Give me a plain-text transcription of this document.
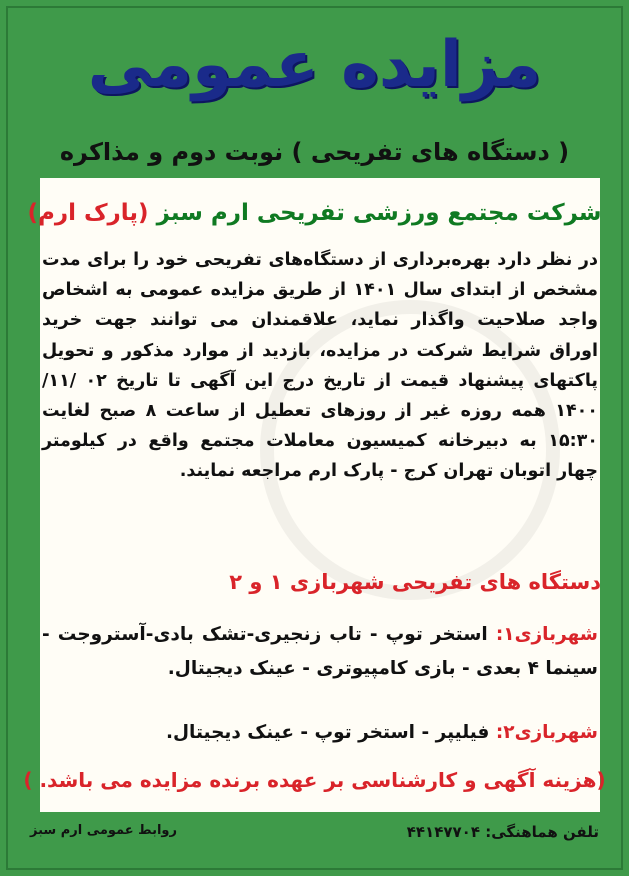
مزایده عمومی
( دستگاه های تفریحی ) نوبت دوم و مذاکره
شرکت مجتمع ورزشی تفریحی ارم سبز (پارک ارم)
در نظر دارد بهره‌برداری از دستگاه‌های تفریحی خود را برای مدت مشخص از ابتدای سال ۱۴۰۱ از طریق مزایده عمومی به اشخاص واجد صلاحیت واگذار نماید، علاقمندان می توانند جهت خرید اوراق شرایط شرکت در مزایده، بازدید از موارد مذکور و تحویل پاکتهای پیشنهاد قیمت از تاریخ درج این آگهی تا تاریخ ۰۲ /۱۱/ ۱۴۰۰ همه روزه غیر از روزهای تعطیل از ساعت ۸ صبح لغایت ۱۵:۳۰ به دبیرخانه کمیسیون معاملات مجتمع واقع در کیلومتر چهار اتوبان تهران کرج - پارک ارم مراجعه نمایند.
دستگاه های تفریحی شهربازی ۱ و ۲
شهربازی۱: استخر توپ - تاب زنجیری-تشک بادی-آستروجت - سینما ۴ بعدی - بازی کامپیوتری - عینک دیجیتال.
شهربازی۲: فیلیپر - استخر توپ - عینک دیجیتال.
(هزینه آگهی و کارشناسی بر عهده برنده مزایده می باشد. )
تلفن هماهنگی: ۴۴۱۴۷۷۰۴
روابط عمومی ارم سبز
